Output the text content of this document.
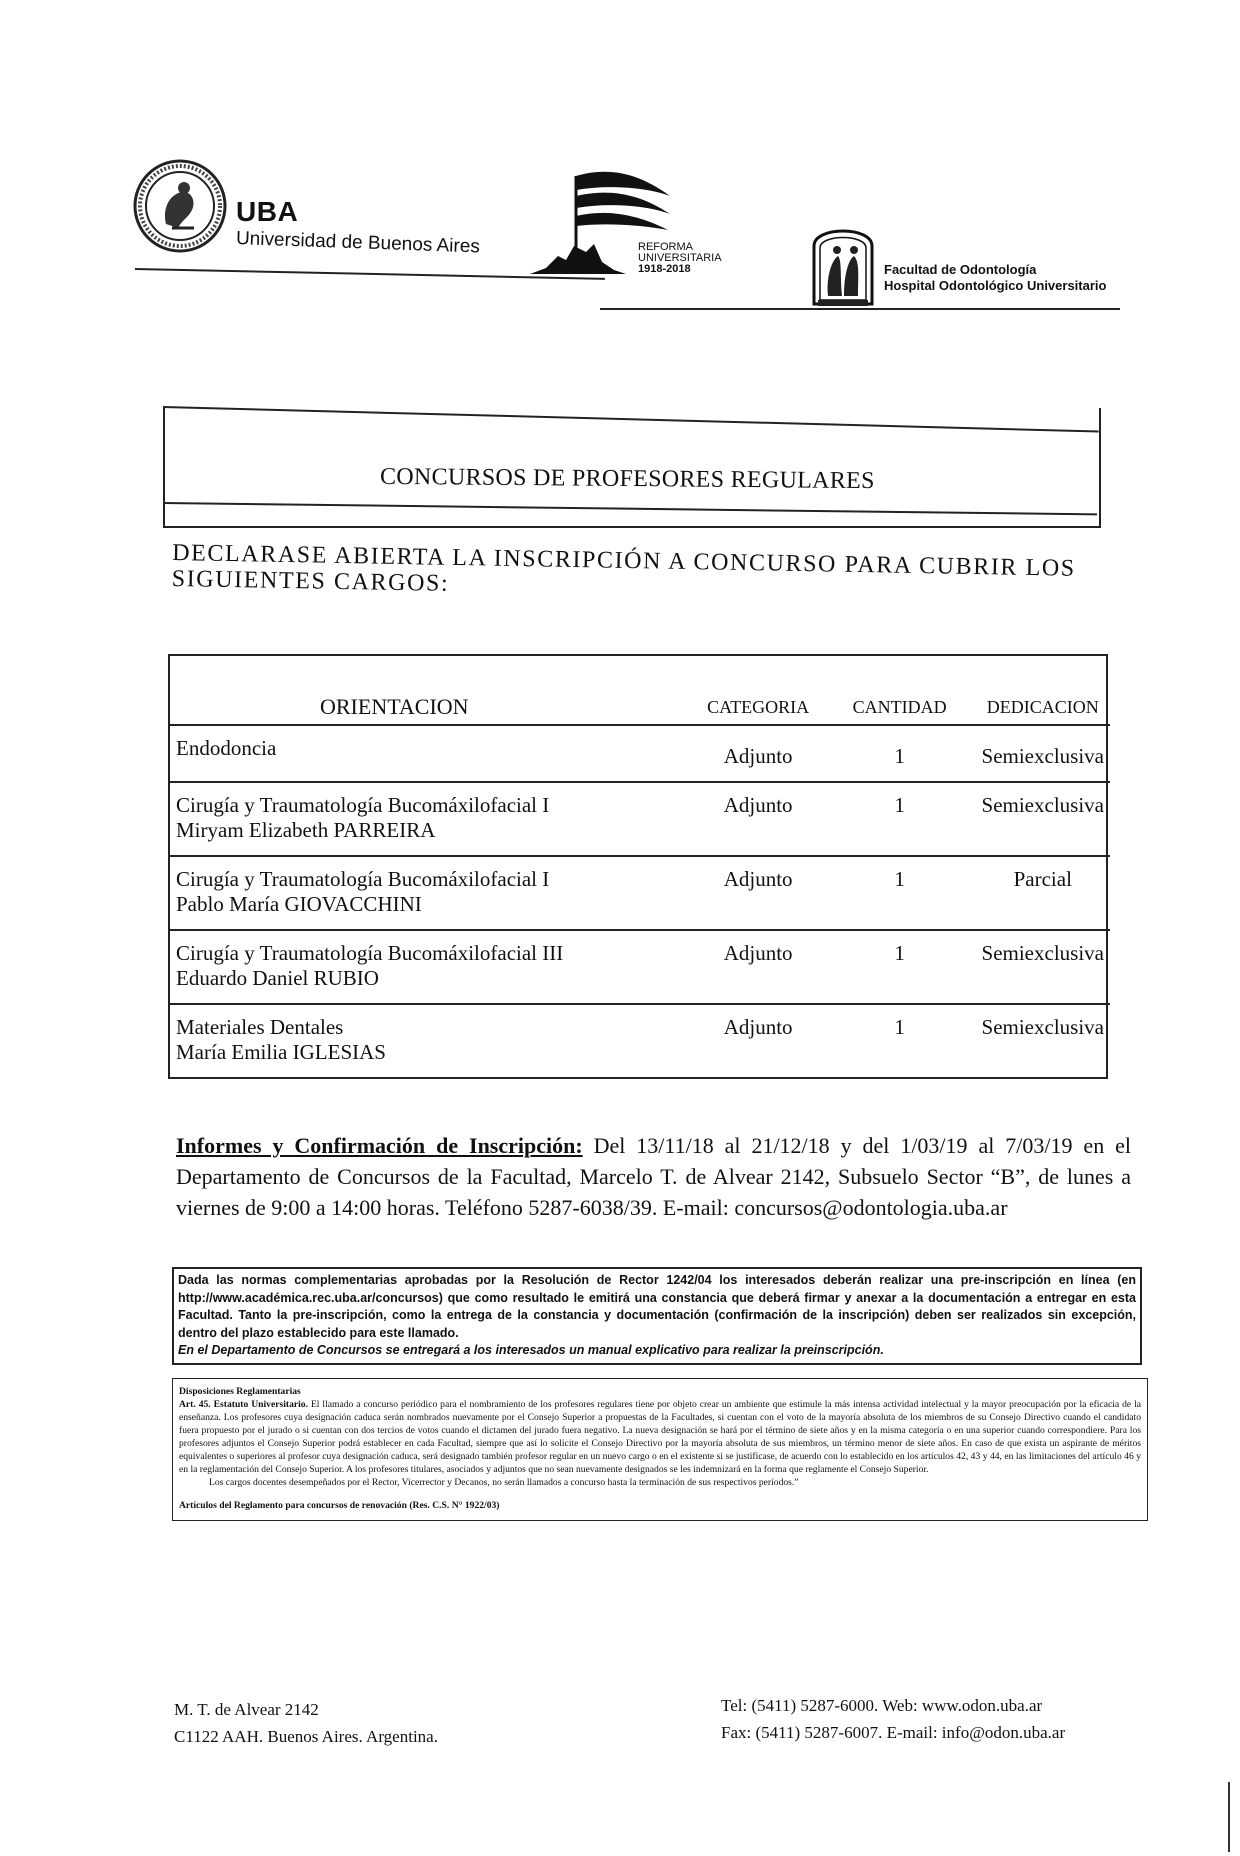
UBA
Universidad de Buenos Aires	REFORMA
UNIVERSITARIA
1918-2018	Facultad de Odontología
Hospital Odontológico Universitario
CONCURSOS DE PROFESORES REGULARES
DECLARASE ABIERTA LA INSCRIPCIÓN A CONCURSO PARA CUBRIR LOS SIGUIENTES CARGOS:
ORIENTACION	CATEGORIA	CANTIDAD	DEDICACION

Endodoncia	Adjunto	1	Semiexclusiva

Cirugía y Traumatología Bucomáxilofacial I
Miryam Elizabeth PARREIRA	Adjunto	1	Semiexclusiva

Cirugía y Traumatología Bucomáxilofacial I
Pablo María GIOVACCHINI	Adjunto	1	Parcial

Cirugía y Traumatología Bucomáxilofacial III
Eduardo Daniel RUBIO	Adjunto	1	Semiexclusiva

Materiales Dentales
María Emilia IGLESIAS	Adjunto	1	Semiexclusiva
Informes y Confirmación de Inscripción: Del 13/11/18 al 21/12/18 y del 1/03/19 al 7/03/19 en el Departamento de Concursos de la Facultad, Marcelo T. de Alvear 2142, Subsuelo Sector “B”, de lunes a viernes de 9:00 a 14:00 horas. Teléfono 5287-6038/39. E-mail: concursos@odontologia.uba.ar
Dada las normas complementarias aprobadas por la Resolución de Rector 1242/04 los interesados deberán realizar una pre-inscripción en línea (en http://www.académica.rec.uba.ar/concursos) que como resultado le emitirá una constancia que deberá firmar y anexar a la documentación a entregar en esta Facultad. Tanto la pre-inscripción, como la entrega de la constancia y documentación (confirmación de la inscripción) deben ser realizados sin excepción, dentro del plazo establecido para este llamado.
En el Departamento de Concursos se entregará a los interesados un manual explicativo para realizar la preinscripción.

Disposiciones Reglamentarias

Art. 45. Estatuto Universitario. El llamado a concurso periódico para el nombramiento de los profesores regulares tiene por objeto crear un ambiente que estimule la más intensa actividad intelectual y la mayor preocupación por la eficacia de la enseñanza. Los profesores cuya designación caduca serán nombrados nuevamente por el Consejo Superior a propuestas de la Facultades, si cuentan con el voto de la mayoría absoluta de los miembros de su Consejo Directivo cuando el candidato fuera propuesto por el jurado o si cuentan con dos tercios de votos cuando el dictamen del jurado fuera negativo. La nueva designación se hará por el término de siete años y en la misma categoría o en una superior cuando correspondiere. Para los profesores adjuntos el Consejo Superior podrá establecer en cada Facultad, siempre que así lo solicite el Consejo Directivo por la mayoría absoluta de sus miembros, un término menor de siete años. En caso de que exista un aspirante de méritos equivalentes o superiores al profesor cuya designación caduca, será designado también profesor regular en un nuevo cargo o en el existente si se justificase, de acuerdo con lo establecido en los artículos 42, 43 y 44, en las limitaciones del artículo 46 y en la reglamentación del Consejo Superior. A los profesores titulares, asociados y adjuntos que no sean nuevamente designados se les indemnizará en la forma que reglamente el Consejo Superior.

Los cargos docentes desempeñados por el Rector, Vicerrector y Decanos, no serán llamados a concurso hasta la terminación de sus respectivos períodos.”

Artículos del Reglamento para concursos de renovación (Res. C.S. N° 1922/03)

M. T. de Alvear 2142
C1122 AAH. Buenos Aires. Argentina.
Tel: (5411) 5287-6000. Web: www.odon.uba.ar
Fax: (5411) 5287-6007. E-mail: info@odon.uba.ar
